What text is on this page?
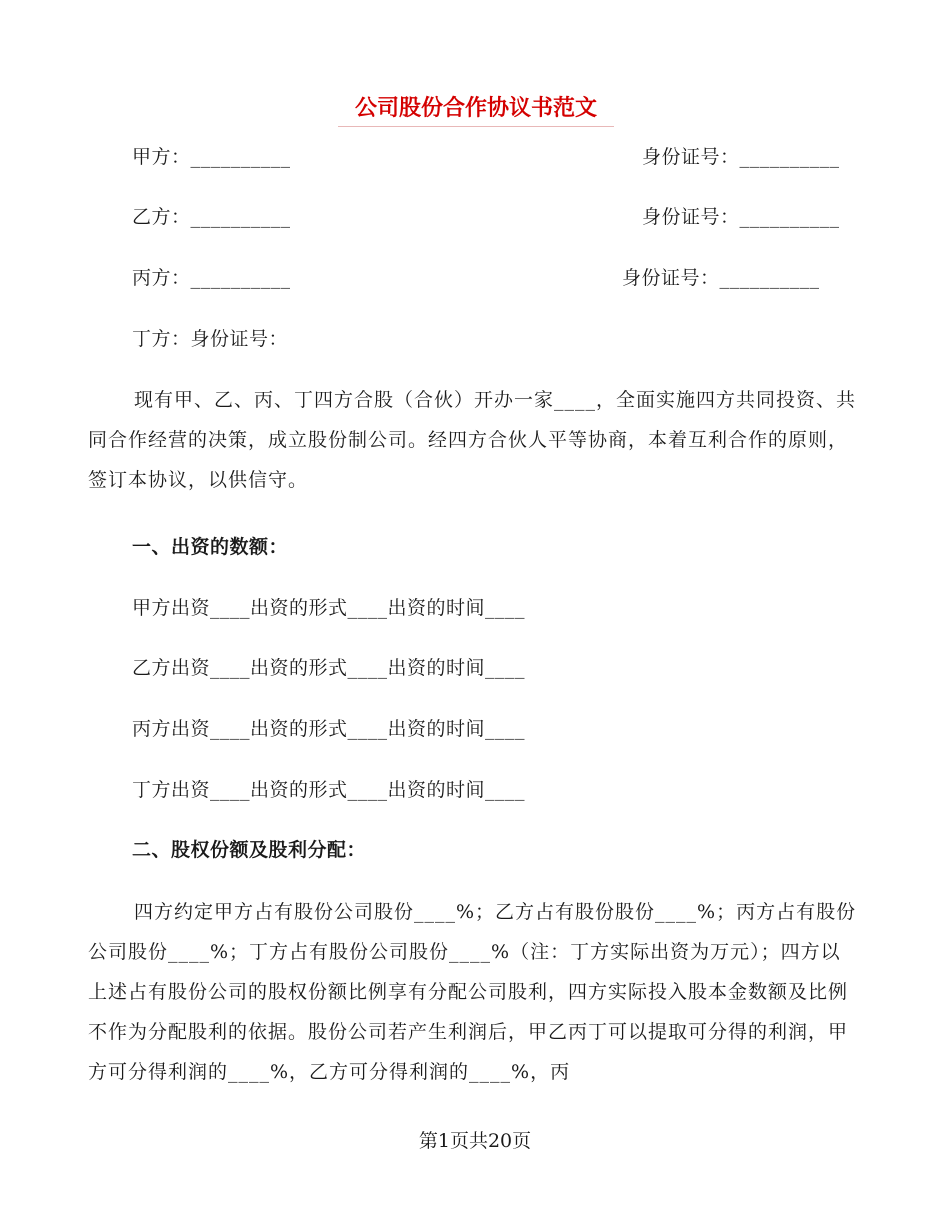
公司股份合作协议书范文
甲方：__________	身份证号：__________
乙方：__________	身份证号：__________
丙方：__________	身份证号：__________
丁方：身份证号：
现有甲、乙、丙、丁四方合股（合伙）开办一家____，全面实施四方共同投资、共同合作经营的决策，成立股份制公司。经四方合伙人平等协商，本着互利合作的原则，签订本协议，以供信守。
一、出资的数额：
甲方出资____出资的形式____出资的时间____
乙方出资____出资的形式____出资的时间____
丙方出资____出资的形式____出资的时间____
丁方出资____出资的形式____出资的时间____
二、股权份额及股利分配：
四方约定甲方占有股份公司股份____%；乙方占有股份股份____%；丙方占有股份公司股份____%；丁方占有股份公司股份____%（注：丁方实际出资为万元）；四方以上述占有股份公司的股权份额比例享有分配公司股利，四方实际投入股本金数额及比例不作为分配股利的依据。股份公司若产生利润后，甲乙丙丁可以提取可分得的利润，甲方可分得利润的____%，乙方可分得利润的____%，丙
第1页共20页
